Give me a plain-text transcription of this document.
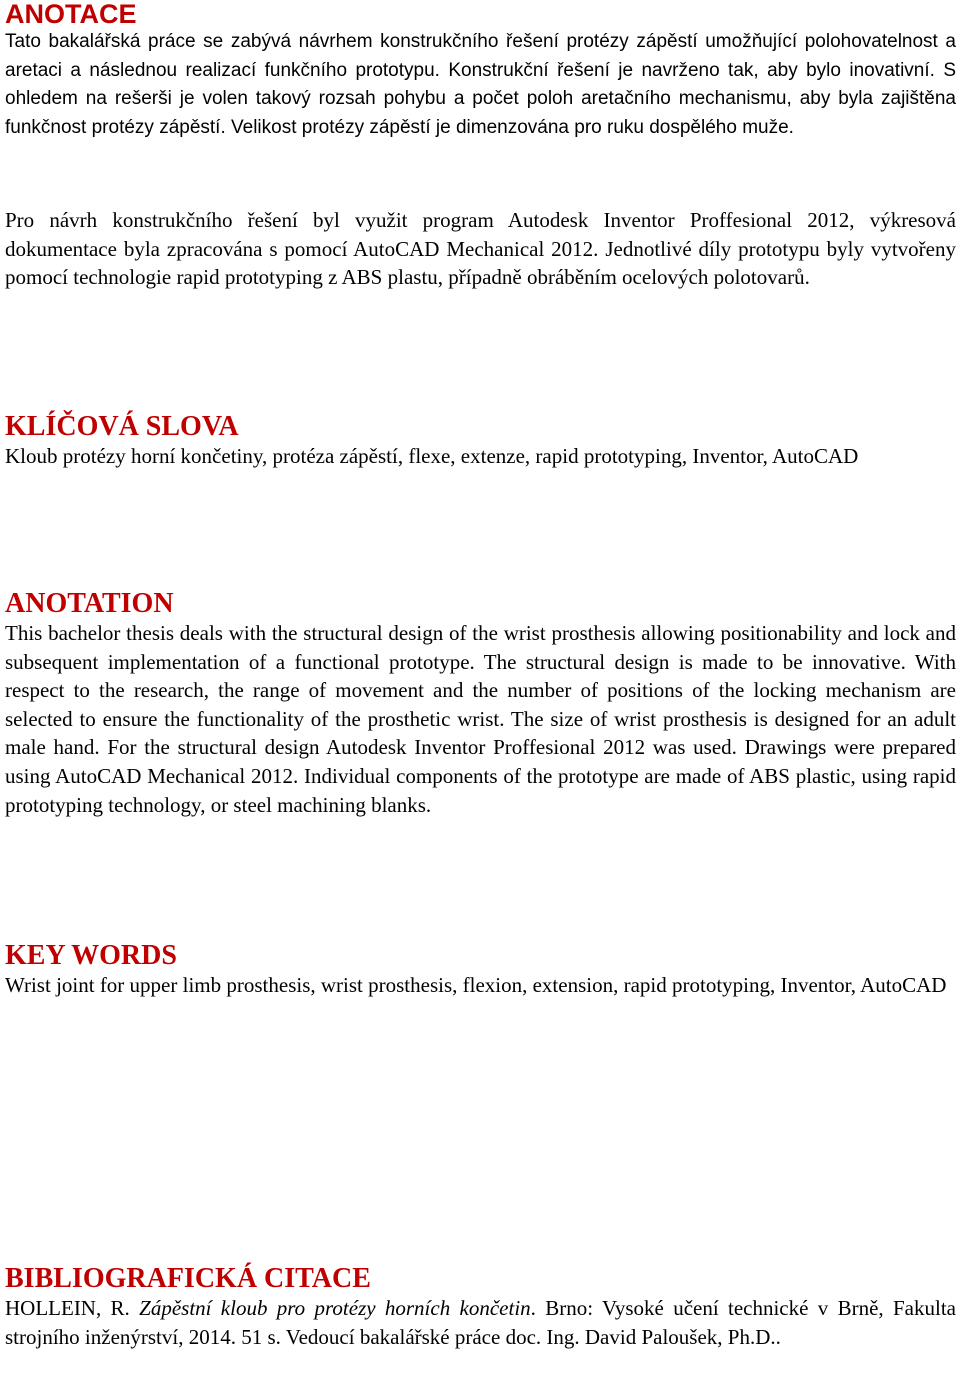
ANOTACE

Tato bakalářská práce se zabývá návrhem konstrukčního řešení protézy zápěstí umožňující polohovatelnost a aretaci a následnou realizací funkčního prototypu. Konstrukční řešení je navrženo tak, aby bylo inovativní. S ohledem na rešerši je volen takový rozsah pohybu a počet poloh aretačního mechanismu, aby byla zajištěna funkčnost protézy zápěstí. Velikost protézy zápěstí je dimenzována pro ruku dospělého muže.

Pro návrh konstrukčního řešení byl využit program Autodesk Inventor Proffesional 2012, výkresová dokumentace byla zpracována s pomocí AutoCAD Mechanical 2012. Jednotlivé díly prototypu byly vytvořeny pomocí technologie rapid prototyping z ABS plastu, případně obráběním ocelových polotovarů.

KLÍČOVÁ SLOVA

Kloub protézy horní končetiny, protéza zápěstí, flexe, extenze, rapid prototyping, Inventor, AutoCAD

ANOTATION

This bachelor thesis deals with the structural design of the wrist prosthesis allowing positionability and lock and subsequent implementation of a functional prototype. The structural design is made to be innovative. With respect to the research, the range of movement and the number of positions of the locking mechanism are selected to ensure the functionality of the prosthetic wrist. The size of wrist prosthesis is designed for an adult male hand. For the structural design Autodesk Inventor Proffesional 2012 was used. Drawings were prepared using AutoCAD Mechanical 2012. Individual components of the prototype are made of ABS plastic, using rapid prototyping technology, or steel machining blanks.

KEY WORDS

Wrist joint for upper limb prosthesis, wrist prosthesis, flexion, extension, rapid prototyping, Inventor, AutoCAD

BIBLIOGRAFICKÁ CITACE

HOLLEIN, R. Zápěstní kloub pro protézy horních končetin. Brno: Vysoké učení technické v Brně, Fakulta strojního inženýrství, 2014. 51 s. Vedoucí bakalářské práce doc. Ing. David Paloušek, Ph.D..
